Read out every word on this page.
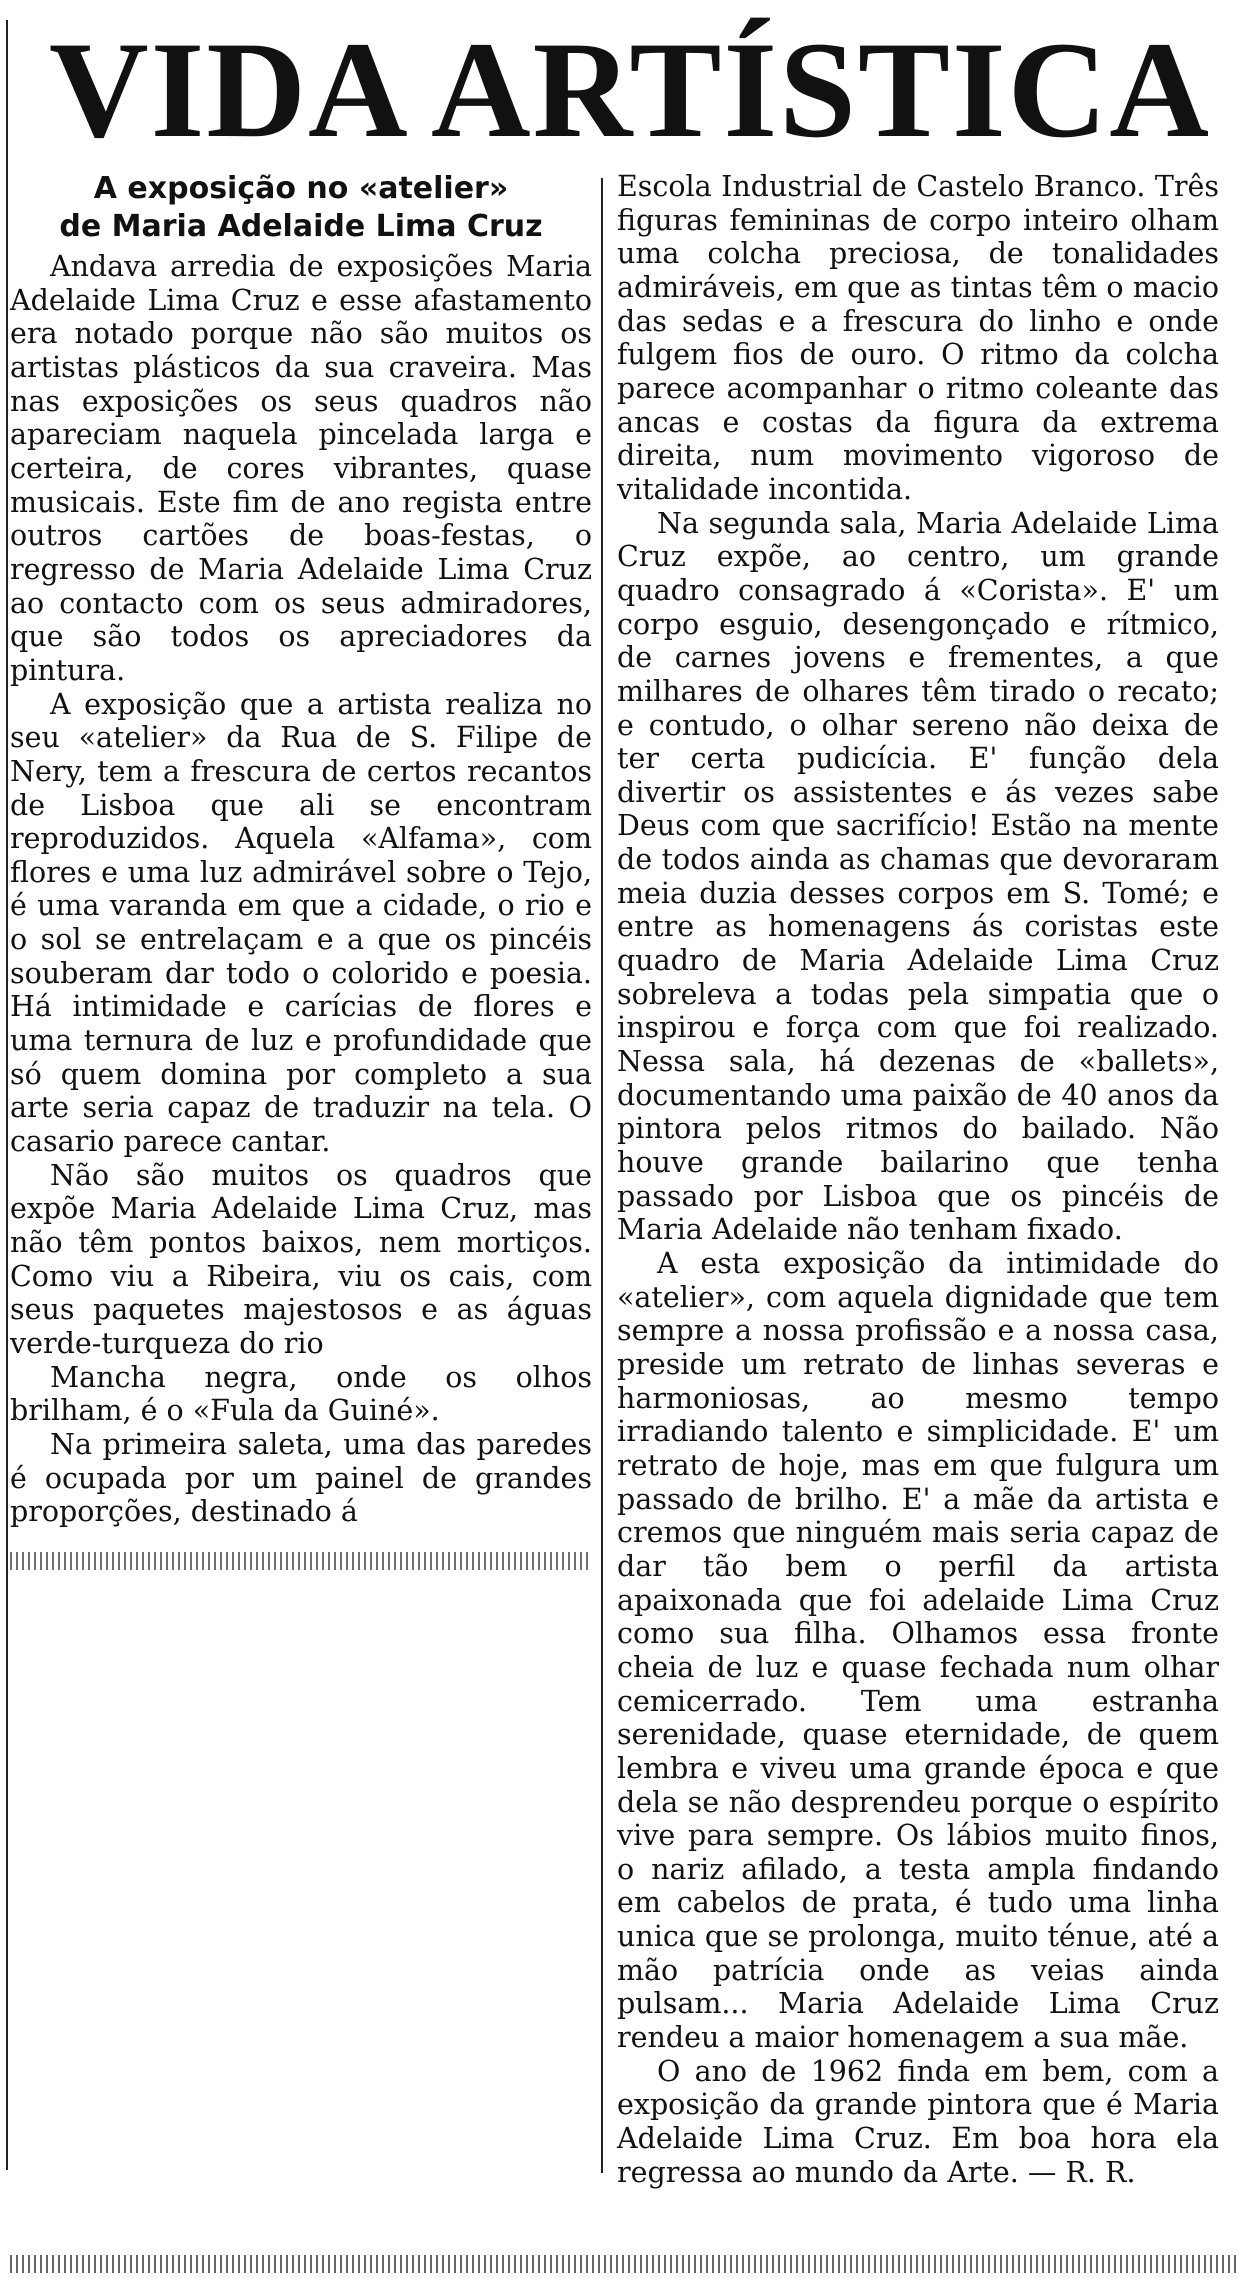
VIDA ARTÍSTICA
A exposição no «atelier»
de Maria Adelaide Lima Cruz

Andava arredia de exposições Maria Adelaide Lima Cruz e esse afastamento era notado porque não são muitos os artistas plásticos da sua craveira. Mas nas exposições os seus quadros não apareciam naquela pincelada larga e certeira, de cores vibrantes, quase musicais. Este fim de ano regista entre outros cartões de boas-festas, o regresso de Maria Adelaide Lima Cruz ao contacto com os seus admiradores, que são todos os apreciadores da pintura.

A exposição que a artista realiza no seu «atelier» da Rua de S. Filipe de Nery, tem a frescura de certos recantos de Lisboa que ali se encontram reproduzidos. Aquela «Alfama», com flores e uma luz admirável sobre o Tejo, é uma varanda em que a cidade, o rio e o sol se entrelaçam e a que os pincéis souberam dar todo o colorido e poesia. Há intimidade e carícias de flores e uma ternura de luz e profundidade que só quem domina por completo a sua arte seria capaz de traduzir na tela. O casario parece cantar.

Não são muitos os quadros que expõe Maria Adelaide Lima Cruz, mas não têm pontos baixos, nem mortiços. Como viu a Ribeira, viu os cais, com seus paquetes majestosos e as águas verde-turqueza do rio

Mancha negra, onde os olhos brilham, é o «Fula da Guiné».

Na primeira saleta, uma das paredes é ocupada por um painel de grandes proporções, destinado á

Escola Industrial de Castelo Branco. Três figuras femininas de corpo inteiro olham uma colcha preciosa, de tonalidades admiráveis, em que as tintas têm o macio das sedas e a frescura do linho e onde fulgem fios de ouro. O ritmo da colcha parece acompanhar o ritmo coleante das ancas e costas da figura da extrema direita, num movimento vigoroso de vitalidade incontida.

Na segunda sala, Maria Adelaide Lima Cruz expõe, ao centro, um grande quadro consagrado á «Corista». E' um corpo esguio, desengonçado e rítmico, de carnes jovens e frementes, a que milhares de olhares têm tirado o recato; e contudo, o olhar sereno não deixa de ter certa pudicícia. E' função dela divertir os assistentes e ás vezes sabe Deus com que sacrifício! Estão na mente de todos ainda as chamas que devoraram meia duzia desses corpos em S. Tomé; e entre as homenagens ás coristas este quadro de Maria Adelaide Lima Cruz sobreleva a todas pela simpatia que o inspirou e força com que foi realizado. Nessa sala, há dezenas de «ballets», documentando uma paixão de 40 anos da pintora pelos ritmos do bailado. Não houve grande bailarino que tenha passado por Lisboa que os pincéis de Maria Adelaide não tenham fixado.

A esta exposição da intimidade do «atelier», com aquela dignidade que tem sempre a nossa profissão e a nossa casa, preside um retrato de linhas severas e harmoniosas, ao mesmo tempo irradiando talento e simplicidade. E' um retrato de hoje, mas em que fulgura um passado de brilho. E' a mãe da artista e cremos que ninguém mais seria capaz de dar tão bem o perfil da artista apaixonada que foi adelaide Lima Cruz como sua filha. Olhamos essa fronte cheia de luz e quase fechada num olhar cemicerrado. Tem uma estranha serenidade, quase eternidade, de quem lembra e viveu uma grande época e que dela se não desprendeu porque o espírito vive para sempre. Os lábios muito finos, o nariz afilado, a testa ampla findando em cabelos de prata, é tudo uma linha unica que se prolonga, muito ténue, até a mão patrícia onde as veias ainda pulsam... Maria Adelaide Lima Cruz rendeu a maior homenagem a sua mãe.

O ano de 1962 finda em bem, com a exposição da grande pintora que é Maria Adelaide Lima Cruz. Em boa hora ela regressa ao mundo da Arte. — R. R.
